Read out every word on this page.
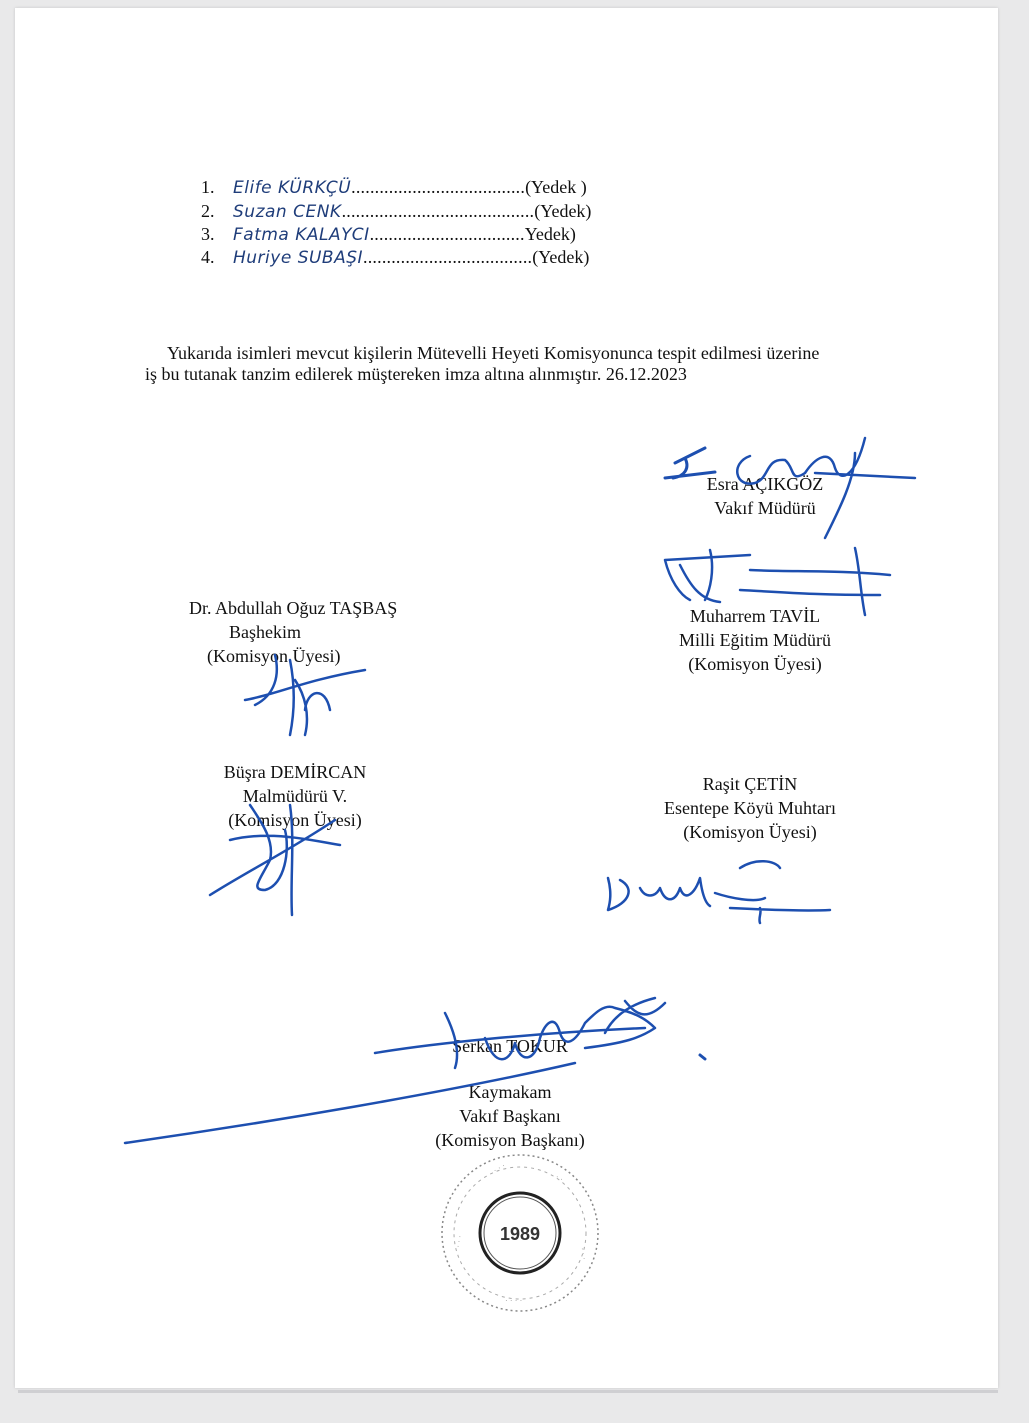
1. Elife KÜRKÇÜ.....................................(Yedek )
2. Suzan CENK.........................................(Yedek)
3. Fatma KALAYCI.................................Yedek)
4. Huriye SUBAŞI....................................(Yedek)
Yukarıda isimleri mevcut kişilerin Mütevelli Heyeti Komisyonunca tespit edilmesi üzerine
iş bu tutanak tanzim edilerek müştereken imza altına alınmıştır. 26.12.2023
Esra AÇIKGÖZ
Vakıf Müdürü
Muharrem TAVİL
Milli Eğitim Müdürü
(Komisyon Üyesi)
Dr. Abdullah Oğuz TAŞBAŞ
Başhekim
(Komisyon Üyesi)
Büşra DEMİRCAN
Malmüdürü V.
(Komisyon Üyesi)
Raşit ÇETİN
Esentepe Köyü Muhtarı
(Komisyon Üyesi)
Serkan TOKUR
Kaymakam
Vakıf Başkanı
(Komisyon Başkanı)
1989
· · ·
· ·
· · ·
· · ·
· · · ·
